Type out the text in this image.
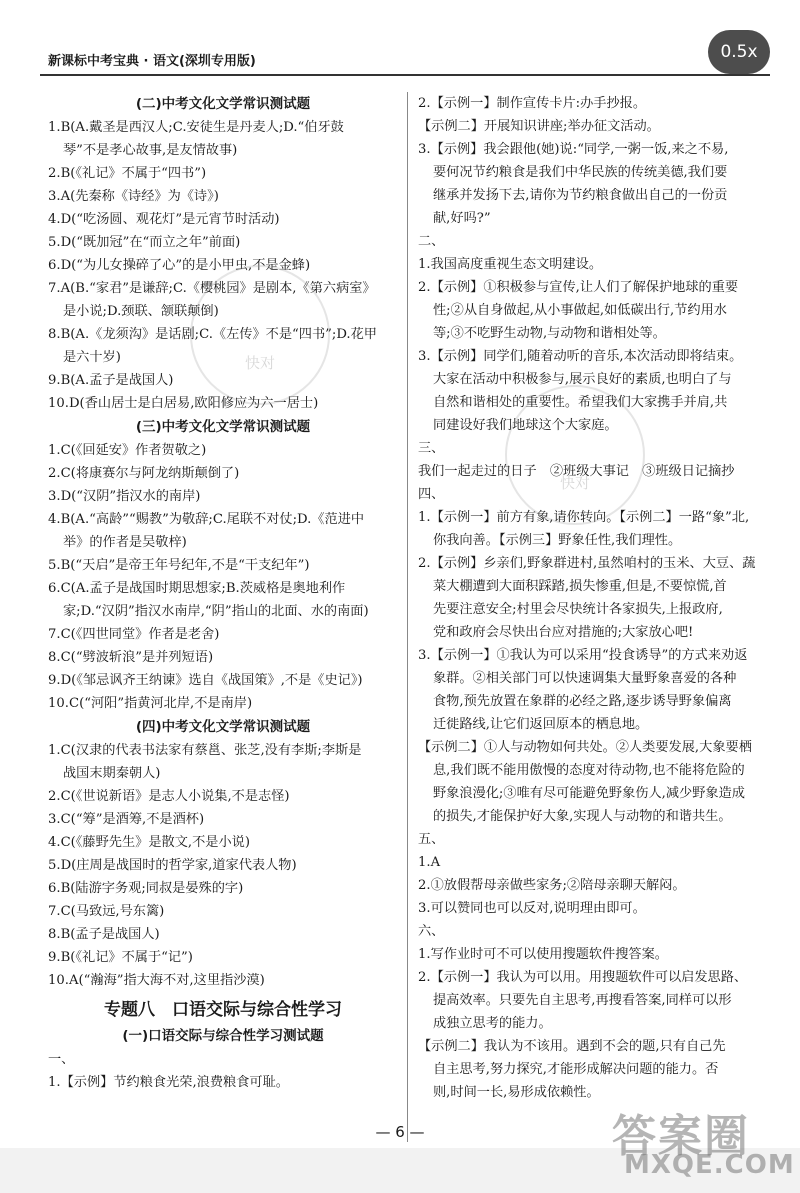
新课标中考宝典 · 语文(深圳专用版)	0.5x
(二)中考文化文学常识测试题
1.B(A.戴圣是西汉人;C.安徒生是丹麦人;D.“伯牙鼓
琴”不是孝心故事,是友情故事)
2.B(《礼记》不属于“四书”)
3.A(先秦称《诗经》为《诗》)
4.D(“吃汤圆、观花灯”是元宵节时活动)
5.D(“既加冠”在“而立之年”前面)
6.D(“为儿女操碎了心”的是小甲虫,不是金蜂)
7.A(B.“家君”是谦辞;C.《樱桃园》是剧本,《第六病室》
是小说;D.颈联、颔联颠倒)
8.B(A.《龙须沟》是话剧;C.《左传》不是“四书”;D.花甲
是六十岁)
9.B(A.孟子是战国人)
10.D(香山居士是白居易,欧阳修应为六一居士)
(三)中考文化文学常识测试题
1.C(《回延安》作者贺敬之)
2.C(将康赛尔与阿龙纳斯颠倒了)
3.D(“汉阴”指汉水的南岸)
4.B(A.“高龄”“赐教”为敬辞;C.尾联不对仗;D.《范进中
举》的作者是吴敬梓)
5.B(“天启”是帝王年号纪年,不是“干支纪年”)
6.C(A.孟子是战国时期思想家;B.茨威格是奥地利作
家;D.“汉阴”指汉水南岸,“阴”指山的北面、水的南面)
7.C(《四世同堂》作者是老舍)
8.C(“劈波斩浪”是并列短语)
9.D(《邹忌讽齐王纳谏》选自《战国策》,不是《史记》)
10.C(“河阳”指黄河北岸,不是南岸)
(四)中考文化文学常识测试题
1.C(汉隶的代表书法家有蔡邕、张芝,没有李斯;李斯是
战国末期秦朝人)
2.C(《世说新语》是志人小说集,不是志怪)
3.C(“筹”是酒筹,不是酒杯)
4.C(《藤野先生》是散文,不是小说)
5.D(庄周是战国时的哲学家,道家代表人物)
6.B(陆游字务观;同叔是晏殊的字)
7.C(马致远,号东篱)
8.B(孟子是战国人)
9.B(《礼记》不属于“记”)
10.A(“瀚海”指大海不对,这里指沙漠)
专题八　口语交际与综合性学习
(一)口语交际与综合性学习测试题
一、
1.【示例】节约粮食光荣,浪费粮食可耻。
2.【示例一】制作宣传卡片:办手抄报。
【示例二】开展知识讲座;举办征文活动。
3.【示例】我会跟他(她)说:“同学,一粥一饭,来之不易,
要何况节约粮食是我们中华民族的传统美德,我们要
继承并发扬下去,请你为节约粮食做出自己的一份贡
献,好吗?”
二、
1.我国高度重视生态文明建设。
2.【示例】①积极参与宣传,让人们了解保护地球的重要
性;②从自身做起,从小事做起,如低碳出行,节约用水
等;③不吃野生动物,与动物和谐相处等。
3.【示例】同学们,随着动听的音乐,本次活动即将结束。
大家在活动中积极参与,展示良好的素质,也明白了与
自然和谐相处的重要性。希望我们大家携手并肩,共
同建设好我们地球这个大家庭。
三、
我们一起走过的日子　②班级大事记　③班级日记摘抄
四、
1.【示例一】前方有象,请你转向。【示例二】一路“象”北,
你我向善。【示例三】野象任性,我们理性。
2.【示例】乡亲们,野象群进村,虽然咱村的玉米、大豆、蔬
菜大棚遭到大面积踩踏,损失惨重,但是,不要惊慌,首
先要注意安全;村里会尽快统计各家损失,上报政府,
党和政府会尽快出台应对措施的;大家放心吧!
3.【示例一】①我认为可以采用“投食诱导”的方式来劝返
象群。②相关部门可以快速调集大量野象喜爱的各种
食物,预先放置在象群的必经之路,逐步诱导野象偏离
迁徙路线,让它们返回原本的栖息地。
【示例二】①人与动物如何共处。②人类要发展,大象要栖
息,我们既不能用傲慢的态度对待动物,也不能将危险的
野象浪漫化;③唯有尽可能避免野象伤人,减少野象造成
的损失,才能保护好大象,实现人与动物的和谐共生。
五、
1.A
2.①放假帮母亲做些家务;②陪母亲聊天解闷。
3.可以赞同也可以反对,说明理由即可。
六、
1.写作业时可不可以使用搜题软件搜答案。
2.【示例一】我认为可以用。用搜题软件可以启发思路、
提高效率。只要先自主思考,再搜看答案,同样可以形
成独立思考的能力。
【示例二】我认为不该用。遇到不会的题,只有自己先
自主思考,努力探究,才能形成解决问题的能力。否
则,时间一长,易形成依赖性。
快对
快对
— 6 —	答案圈
MXQE.COM
